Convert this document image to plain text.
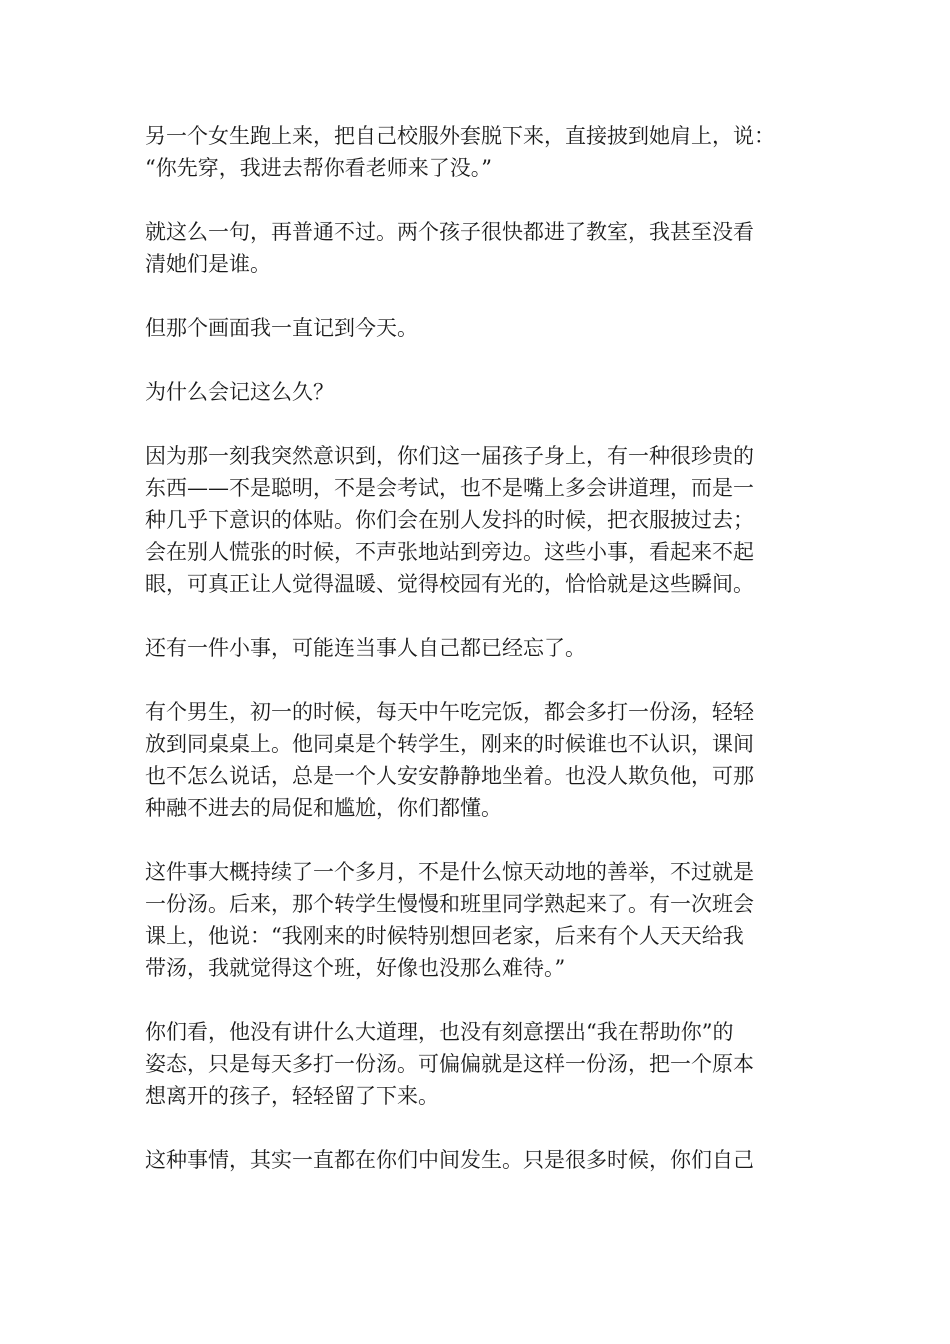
另一个女生跑上来，把自己校服外套脱下来，直接披到她肩上，说：
“你先穿，我进去帮你看老师来了没。”

就这么一句，再普通不过。两个孩子很快都进了教室，我甚至没看
清她们是谁。

但那个画面我一直记到今天。

为什么会记这么久？

因为那一刻我突然意识到，你们这一届孩子身上，有一种很珍贵的
东西——不是聪明，不是会考试，也不是嘴上多会讲道理，而是一
种几乎下意识的体贴。你们会在别人发抖的时候，把衣服披过去；
会在别人慌张的时候，不声张地站到旁边。这些小事，看起来不起
眼，可真正让人觉得温暖、觉得校园有光的，恰恰就是这些瞬间。

还有一件小事，可能连当事人自己都已经忘了。

有个男生，初一的时候，每天中午吃完饭，都会多打一份汤，轻轻
放到同桌桌上。他同桌是个转学生，刚来的时候谁也不认识，课间
也不怎么说话，总是一个人安安静静地坐着。也没人欺负他，可那
种融不进去的局促和尴尬，你们都懂。

这件事大概持续了一个多月，不是什么惊天动地的善举，不过就是
一份汤。后来，那个转学生慢慢和班里同学熟起来了。有一次班会
课上，他说：“我刚来的时候特别想回老家，后来有个人天天给我
带汤，我就觉得这个班，好像也没那么难待。”

你们看，他没有讲什么大道理，也没有刻意摆出“我在帮助你”的
姿态，只是每天多打一份汤。可偏偏就是这样一份汤，把一个原本
想离开的孩子，轻轻留了下来。

这种事情，其实一直都在你们中间发生。只是很多时候，你们自己
